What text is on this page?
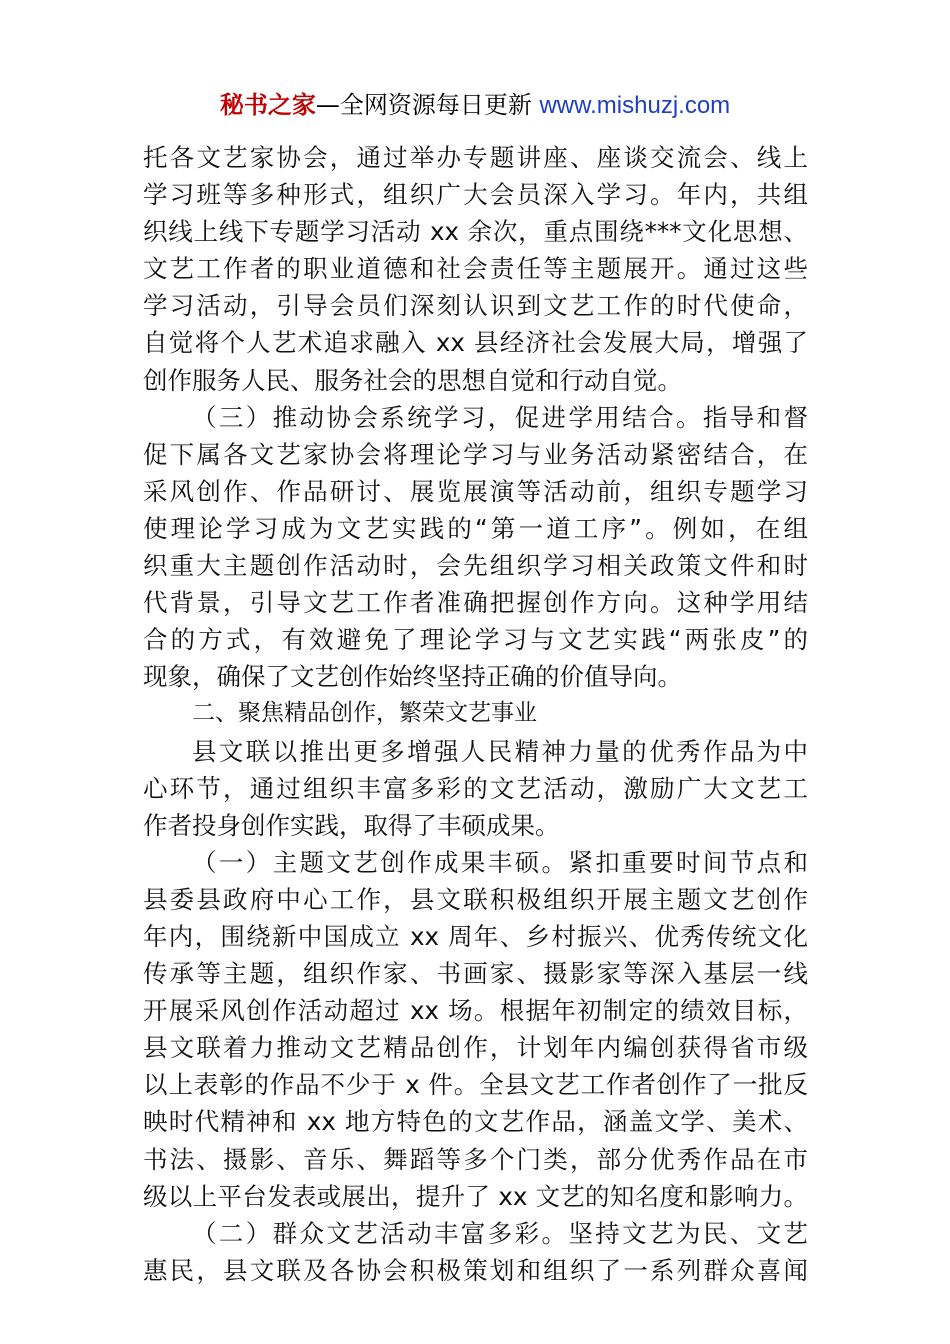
秘书之家—全网资源每日更新 www.mishuzj.com
托各文艺家协会，通过举办专题讲座、座谈交流会、线上
学习班等多种形式，组织广大会员深入学习。年内，共组
织线上线下专题学习活动 xx 余次，重点围绕***文化思想、
文艺工作者的职业道德和社会责任等主题展开。通过这些
学习活动，引导会员们深刻认识到文艺工作的时代使命，
自觉将个人艺术追求融入 xx 县经济社会发展大局，增强了
创作服务人民、服务社会的思想自觉和行动自觉。
（三）推动协会系统学习，促进学用结合。指导和督
促下属各文艺家协会将理论学习与业务活动紧密结合，在
采风创作、作品研讨、展览展演等活动前，组织专题学习
使理论学习成为文艺实践的“第一道工序”。例如，在组
织重大主题创作活动时，会先组织学习相关政策文件和时
代背景，引导文艺工作者准确把握创作方向。这种学用结
合的方式，有效避免了理论学习与文艺实践“两张皮”的
现象，确保了文艺创作始终坚持正确的价值导向。
二、聚焦精品创作，繁荣文艺事业
县文联以推出更多增强人民精神力量的优秀作品为中
心环节，通过组织丰富多彩的文艺活动，激励广大文艺工
作者投身创作实践，取得了丰硕成果。
（一）主题文艺创作成果丰硕。紧扣重要时间节点和
县委县政府中心工作，县文联积极组织开展主题文艺创作
年内，围绕新中国成立 xx 周年、乡村振兴、优秀传统文化
传承等主题，组织作家、书画家、摄影家等深入基层一线
开展采风创作活动超过 xx 场。根据年初制定的绩效目标，
县文联着力推动文艺精品创作，计划年内编创获得省市级
以上表彰的作品不少于 x 件。全县文艺工作者创作了一批反
映时代精神和 xx 地方特色的文艺作品，涵盖文学、美术、
书法、摄影、音乐、舞蹈等多个门类，部分优秀作品在市
级以上平台发表或展出，提升了 xx 文艺的知名度和影响力。
（二）群众文艺活动丰富多彩。坚持文艺为民、文艺
惠民，县文联及各协会积极策划和组织了一系列群众喜闻
